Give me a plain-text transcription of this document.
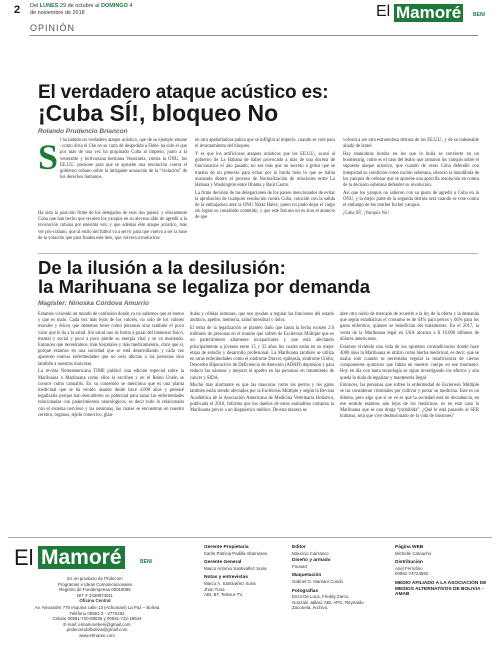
2 Del LUNES 29 de octubre al DOMINGO 4
de noviembre de 2018	El Mamoré	BENI
OPINIÓN
El verdadero ataque acústico es:
¡Cuba SÍ!, bloqueo No
Rolando Prudencio Briancon
S i ha habido un verdadero ataque acústico, que de su ejemplo emane –como diría el Che en su carta de despedida a Fidel- ha sido el que por más de una vez ha propinado Cuba al imperio, junto a la venerable y bolivariana hermana Venezuela, contra la ONU, los EE.UU. presione para que se apruebe una resolución contra el gobierno cubano sobre la intrigante acusación de la “violación” de los derechos humanos.

Ha sido la posición firme de los delegados de esos dos países; y obviamente Cuba que han hecho que reculen los yanquis en su aleveso afán de agredir a la revolución cubana por enésima vez; y que además éste ataque acústico, mas ver pro-cubano, que al estilo del fútbol va a servir para que vuelva a ser la base de la votación que para finales este mes, que volverá a traducirse

en otra apabulladora paliza que se infligirá al imperio, cuando se vote para el levantamiento del bloqueo.

Y es que los artificiosos ataques acústicos que los EE.UU., acusó al gobierno de La Habana de haber provocado a más de una docena de funcionarios el año pasado; no era más que un secreto a gritos que se trataba de un pretexto para echar por la borda todo lo que se había avanzado dentro el proceso de Normalización de relaciones entre La Habana y Washington entre Obama y Raúl Castro.

La firme decisión de las delegaciones de los países mencionados de evitar la aprobación de cualquier resolución contra Cuba, coincide con la salida de la embajadora ante la ONU Nikki Haley, quien no pudo dejar el cargo sin lograr su consabido cometido, y que este fracaso no es sino el anuncio de que

volverá a ser otra estruendosa derrota de los EE.UU., y de su indeseable aliado de Israel.

Hay maniobras burdas en los que la bulla se convierte en un boomerang, como es el caso del teatro que armaron los yanquis sobre el supuesto ataque acústico, que cuando de veras Cuba defendió con integridad su condición como nación soberana, silenció la mandíbula de los yanquis de ordenar que se apruebe una apócrifa resolución en contra de la decisión soberana defender su revolución.

Así que los yanquis no salieron con su gusto de agredir a Cuba en la ONU, y la mejor parte de la segunda derrota será cuando se vote contra el embargo de los mother fucker yanquis.

¡Cuba SÍ!, ¡Yanquis No!

De la ilusión a la desilusión:
la Marihuana se legaliza por demanda
Magíster: Ninoska Córdova Amurrio

Estamos viviendo un mundo de confusión donde ya no sabemos que es bueno y que es malo. Cada vez más lejos de los valores, no solo de los valores morales y éticos que debemos tener como personas sino también el poco valor que le da a la salud. Sin salud uno se limita a gozar del bienestar físico, mental y social y poco a poco pierde su energía vital y se va muriendo. Entonces que necesitamos, más hospitales y más medicamentos, claro que sí, porque estamos en una sociedad que se está desarrollando y cada vez aparecen nuevas enfermedades que no solo afectan a las personas sino también a nuestras mascotas.

La revista Norteamericana TIME publicó una edición especial sobre la Marihuana o Marihuana como ellos la escriben y en el Reino Unido se conoce como cannabis. En su contenido se menciona que es una planta medicinal que se ha venido usando desde hace 4.000 años y pensaré legalizarla porque han descubierto su potencial para sanar las enfermedades relacionadas con padecimientos neurológicos, es decir todo lo relacionado con el sistema nervioso y las neuronas, las cuales se encuentran en nuestro cerebro, órganos, tejido conectivo, glán-

dulas y células inmunes, que nos ayudan a regular las funciones del estado anímico, apetito, memoria, salud intestinal y dolor.

El tema de la legalización se planteó dado que hasta la fecha existen 2.6 millones de personas en el mundo que sufren de Esclerosis Múltiple que es un padecimiento altamente incapacitante y que está afectando principalmente a jóvenes entre 15 y 35 años los cuales están en su mejor etapa de estudio y desarrollo profesional. La Marihuana también se utiliza en otras enfermedades como el síndrome Dravet, epilepsia, síndrome Crohn, Desorden Hiperactivo de Deficiencia de Atención (ADHD) depresión y para reducir las náuseas y mejorar el apetito en las personas en tratamiento de cáncer y SIDA.

Mucho más alarmante es que las mascotas como los perros y los gatos también están siendo afectados por la Esclerosis Múltiple y según la Revista Académica de la Asociación Americana de Medicina Veterinaria Holística, publicada el 2016, Informa que los dueños de estos animalitos compran la Marihuana previo a un diagnóstico médico. De esta manera se

abre otro nicho de mercado de acuerdo a la ley de la oferta y la demanda que según estadísticas el consumo es de 64% para perros y 66% para los gatos enfermos, quienes se benefician del tratamiento. En el 2017, la venta de la Marihuana legal en USA alcanzo a $ 10.000 billones de dólares americanos.

Estamos viviendo una vida de los opuestos contradictorios donde hace 4000 años la Marihuana se utilizo como hierba medicinal, es decir, que se usaba solo cuando se necesitaba regular la insuficiencia de ciertos componentes químicos que faltan en nuestro cuerpo en ese momento. Hoy en día con tanta tecnología se sigue investigando los efectos y aún queda la duda de legalizar y mantenerla ilegal.

Entonces, las personas que sufren la enfermedad de Esclerosis Múltiple se las consideran criminales por cultivar y portar su medicina. Este es un dilema, pero algo que si se ve es que la sociedad está en decadencia, en ese sentido estamos aún lejos de los medicinas. es en este caso la Marihuana que es una droga “prohibida”. ¿Qué le está pasando al SER humano, será que vive deshusionado de la vida de ilusiones?

El Mamoré	BENI
Es un producto de Pridecom
Programas e Ideas Comunicacionales
Registro de Fundempresa 00018085
NIT # 3430874011
Oficina Central
Av. Alexander 776 esquina calle 13 (Achumani) La Paz – Bolivia
Teléfono 00591-2 - 2770283
Celular 00591-720-09035 y 00591-722-18644
E-mail: elmamorebeni@gmail.com
pridecomdolbolivia@gmail.com
www.elmaore.com
Gerente Propietaria
Karlin Patricia Padilla Altamirano
Gerente General
Marco Antonio Santivañez Soria
Notas y entrevistas
Marco A. Santivañez Soria
Jhon Tuna
ABI, BT, Telesur-TV.
Editor
Mauricio Cairrasco
Diseño y armado
Fnunart
Maquetación
Gabriel O. Mamani Condo
Fotografías
Enzo De Luca, Freddy Zarco,
Gonzalo Jallasi, ABI, APG, Reynaldo
Zaconeta, Archivo.
Página WEB
Michelle Camacho
Distribución
Ariel Ferrufino
00591-74724582
MEDIO AFILIADO A LA ASOCIACIÓN DE MEDIOS ALTERNATIVOS DE BOLIVIA - AMAB
